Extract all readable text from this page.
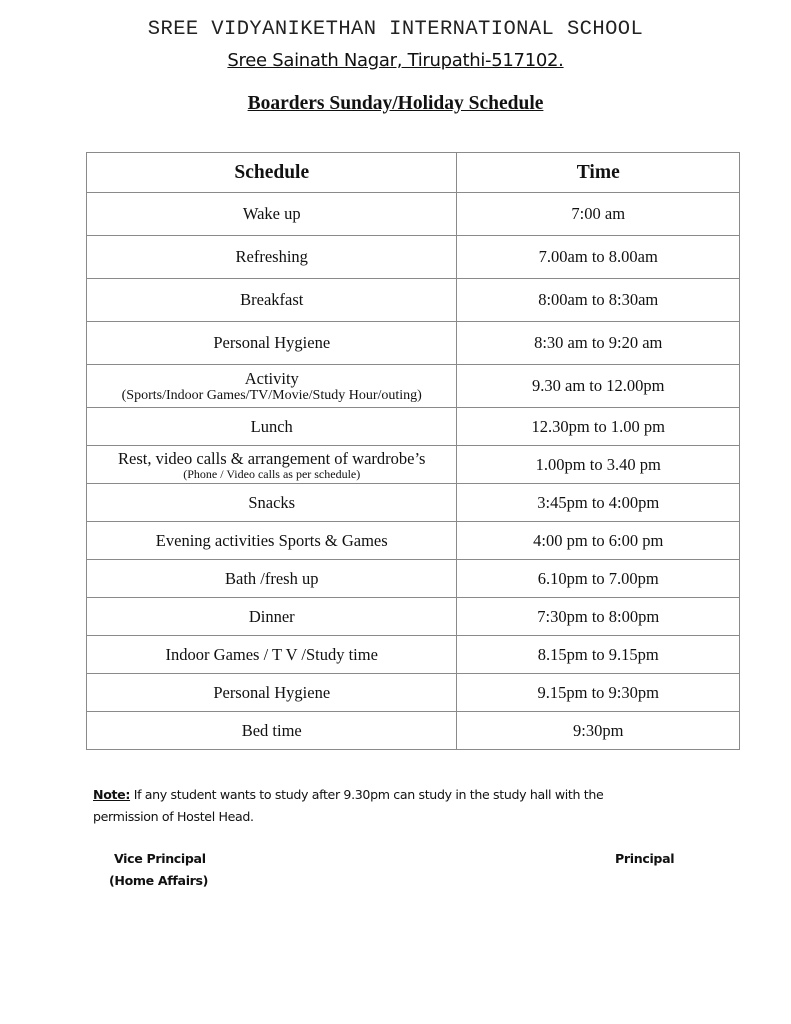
SREE VIDYANIKETHAN INTERNATIONAL SCHOOL
Sree Sainath Nagar, Tirupathi-517102.
Boarders Sunday/Holiday Schedule
Schedule	Time
Wake up	7:00 am
Refreshing	7.00am to 8.00am
Breakfast	8:00am to 8:30am
Personal Hygiene	8:30 am to 9:20 am

Activity
(Sports/Indoor Games/TV/Movie/Study Hour/outing)	9.30 am to 12.00pm
Lunch	12.30pm to 1.00 pm

Rest, video calls & arrangement of wardrobe’s
(Phone / Video calls as per schedule)	1.00pm to 3.40 pm
Snacks	3:45pm to 4:00pm
Evening activities Sports & Games	4:00 pm to 6:00 pm
Bath /fresh up	6.10pm to 7.00pm
Dinner	7:30pm to 8:00pm
Indoor Games / T V /Study time	8.15pm to 9.15pm
Personal Hygiene	9.15pm to 9:30pm
Bed time	9:30pm
Note: If any student wants to study after 9.30pm can study in the study hall with the permission of Hostel Head.
Vice Principal
(Home Affairs)
Principal
